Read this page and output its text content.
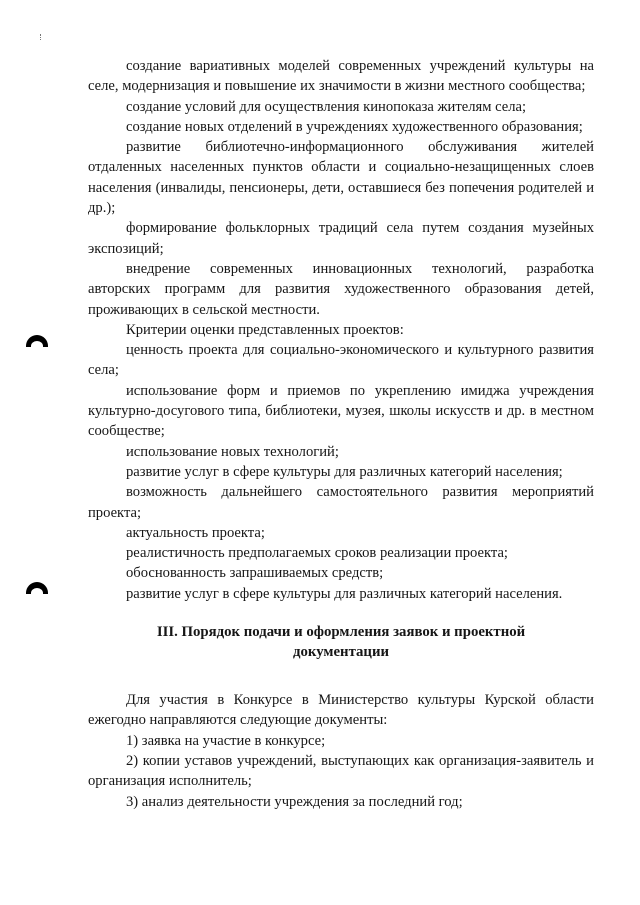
создание вариативных моделей современных учреждений культуры на селе, модернизация и повышение их значимости в жизни местного сообщества;

создание условий для осуществления кинопоказа жителям села;

создание новых отделений в учреждениях художественного образования;

развитие библиотечно-информационного обслуживания жителей отдаленных населенных пунктов области и социально-незащищенных слоев населения (инвалиды, пенсионеры, дети, оставшиеся без попечения родителей и др.);

формирование фольклорных традиций села путем создания музейных экспозиций;

внедрение современных инновационных технологий, разработка авторских программ для развития художественного образования детей, проживающих в сельской местности.

Критерии оценки представленных проектов:

ценность проекта для социально-экономического и культурного развития села;

использование форм и приемов по укреплению имиджа учреждения культурно-досугового типа, библиотеки, музея, школы искусств и др. в местном сообществе;

использование новых технологий;

развитие услуг в сфере культуры для различных категорий населения;

возможность дальнейшего самостоятельного развития мероприятий проекта;

актуальность проекта;

реалистичность предполагаемых сроков реализации проекта;

обоснованность запрашиваемых средств;

развитие услуг в сфере культуры для различных категорий населения.

III. Порядок подачи и оформления заявок и проектной документации

Для участия в Конкурсе в Министерство культуры Курской области ежегодно направляются следующие документы:

1) заявка на участие в конкурсе;

2) копии уставов учреждений, выступающих как организация-заявитель и организация исполнитель;

3) анализ деятельности учреждения за последний год;
